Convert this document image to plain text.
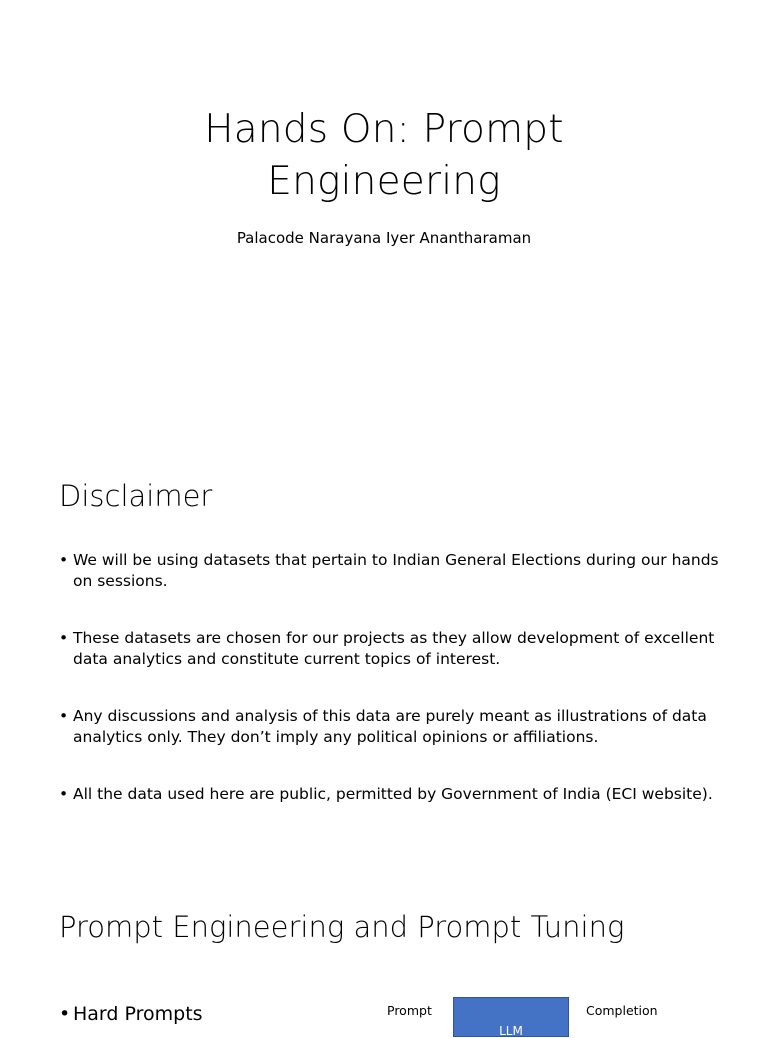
Hands On: Prompt
Engineering
Palacode Narayana Iyer Anantharaman
Disclaimer
• We will be using datasets that pertain to Indian General Elections during our hands on sessions.
• These datasets are chosen for our projects as they allow development of excellent data analytics and constitute current topics of interest.
• Any discussions and analysis of this data are purely meant as illustrations of data analytics only. They don’t imply any political opinions or affiliations.
• All the data used here are public, permitted by Government of India (ECI website).
Prompt Engineering and Prompt Tuning
• Hard Prompts	Prompt
LLM
Completion
